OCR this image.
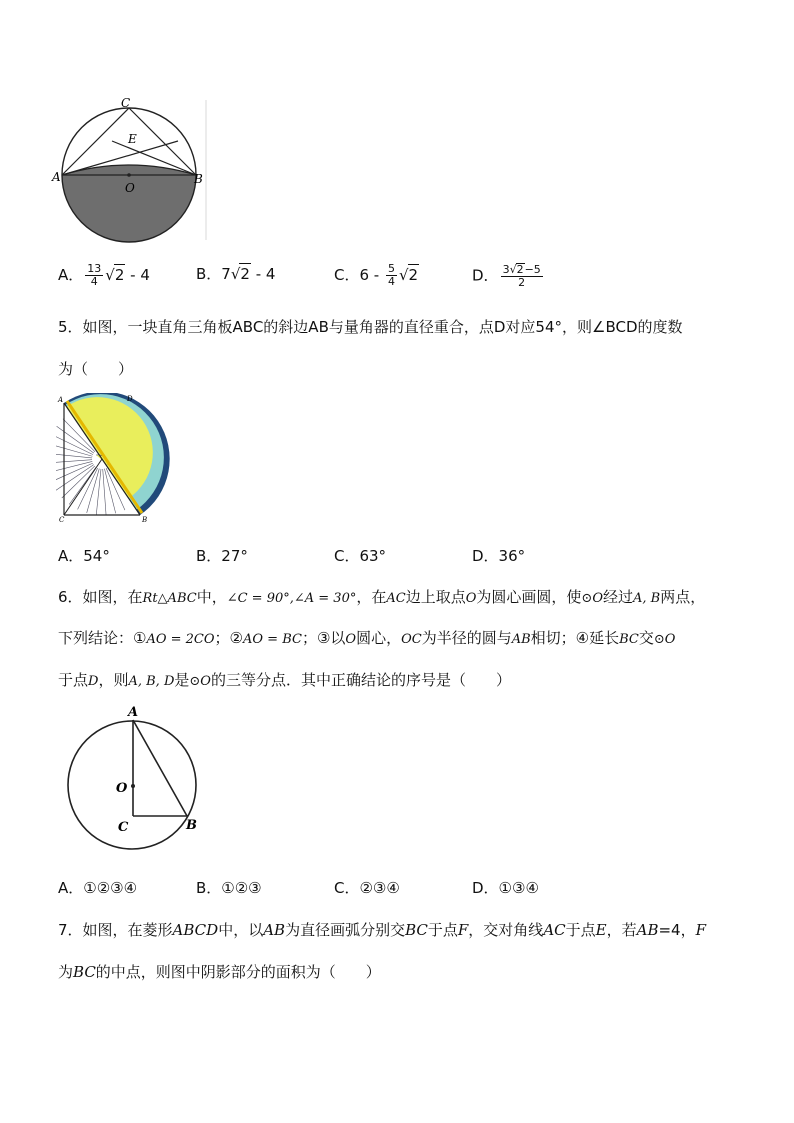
C
E
A
O
B
A． $\frac{13}{4} √2 - 4$	B．7√2 - 4	C．$6 - \frac{5}{4} √2$	D． $\frac{3√2-5}{2}$
5．如图，一块直角三角板ABC的斜边AB与量角器的直径重合，点D对应54°，则∠BCD的度数
为（　　）
A	D
C	B
A．54°	B．27°	C．63°	D．36°
6．如图，在Rt△ABC中，∠C = 90°,∠A = 30°，在AC边上取点O为圆心画圆，使⊙O经过A, B两点，
下列结论：①AO = 2CO；②AO = BC；③以O圆心，OC为半径的圆与AB相切；④延长BC交⊙O
于点D，则A, B, D是⊙O的三等分点．其中正确结论的序号是（　　）
A
O
C	B
A．①②③④	B．①②③	C．②③④	D．①③④
7．如图，在菱形ABCD中，以AB为直径画弧分别交BC于点F，交对角线AC于点E，若AB=4，F
为BC的中点，则图中阴影部分的面积为（　　）
